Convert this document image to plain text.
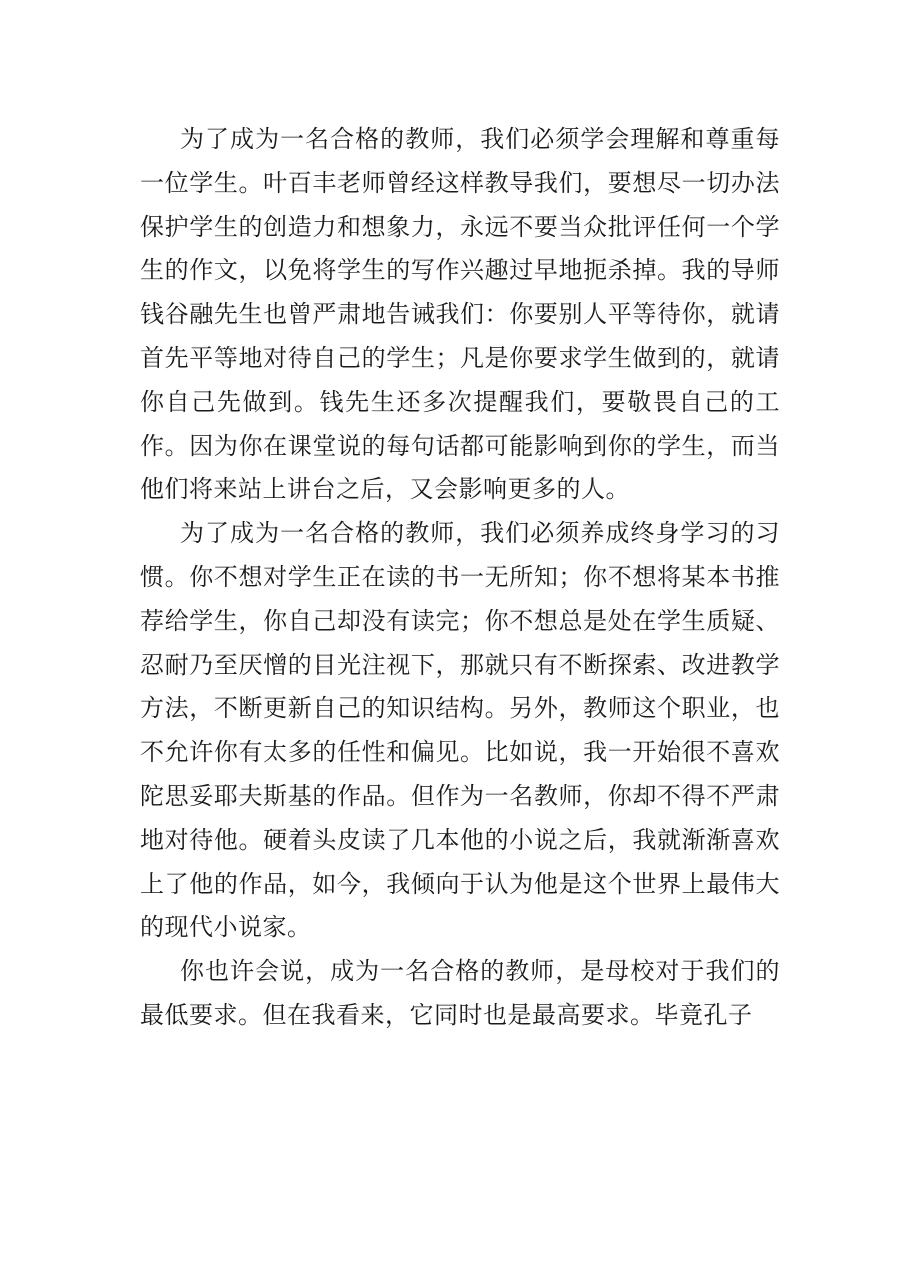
为了成为一名合格的教师，我们必须学会理解和尊重每一位学生。叶百丰老师曾经这样教导我们，要想尽一切办法保护学生的创造力和想象力，永远不要当众批评任何一个学生的作文，以免将学生的写作兴趣过早地扼杀掉。我的导师钱谷融先生也曾严肃地告诫我们：你要别人平等待你，就请首先平等地对待自己的学生；凡是你要求学生做到的，就请你自己先做到。钱先生还多次提醒我们，要敬畏自己的工作。因为你在课堂说的每句话都可能影响到你的学生，而当他们将来站上讲台之后，又会影响更多的人。

为了成为一名合格的教师，我们必须养成终身学习的习惯。你不想对学生正在读的书一无所知；你不想将某本书推荐给学生，你自己却没有读完；你不想总是处在学生质疑、忍耐乃至厌憎的目光注视下，那就只有不断探索、改进教学方法，不断更新自己的知识结构。另外，教师这个职业，也不允许你有太多的任性和偏见。比如说，我一开始很不喜欢陀思妥耶夫斯基的作品。但作为一名教师，你却不得不严肃地对待他。硬着头皮读了几本他的小说之后，我就渐渐喜欢上了他的作品，如今，我倾向于认为他是这个世界上最伟大的现代小说家。

你也许会说，成为一名合格的教师，是母校对于我们的最低要求。但在我看来，它同时也是最高要求。毕竟孔子
